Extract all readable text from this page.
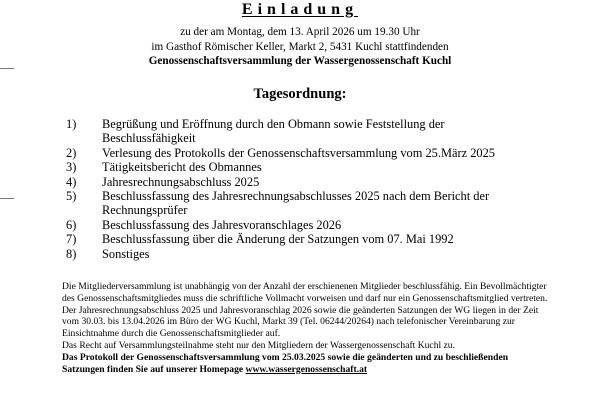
Einladung
zu der am Montag, dem 13. April 2026 um 19.30 Uhr
im Gasthof Römischer Keller, Markt 2, 5431 Kuchl stattfindenden
Genossenschaftsversammlung der Wassergenossenschaft Kuchl
Tagesordnung:
1)	Begrüßung und Eröffnung durch den Obmann sowie Feststellung der Beschlussfähigkeit
2)	Verlesung des Protokolls der Genossenschaftsversammlung vom 25.März 2025
3)	Tätigkeitsbericht des Obmannes
4)	Jahresrechnungsabschluss 2025
5)	Beschlussfassung des Jahresrechnungsabschlusses 2025 nach dem Bericht der Rechnungsprüfer
6)	Beschlussfassung des Jahresvoranschlages 2026
7)	Beschlussfassung über die Änderung der Satzungen vom 07. Mai 1992
8)	Sonstiges

Die Mitgliederversammlung ist unabhängig von der Anzahl der erschienenen Mitglieder beschlussfähig. Ein Bevollmächtigter des Genossenschaftsmitgliedes muss die schriftliche Vollmacht vorweisen und darf nur ein Genossenschaftsmitglied vertreten.

Der Jahresrechnungsabschluss 2025 und Jahresvoranschlag 2026 sowie die geänderten Satzungen der WG liegen in der Zeit vom 30.03. bis 13.04.2026 im Büro der WG Kuchl, Markt 39 (Tel. 06244/20264) nach telefonischer Vereinbarung zur Einsichtnahme durch die Genossenschaftsmitglieder auf.

Das Recht auf Versammlungsteilnahme steht nur den Mitgliedern der Wassergenossenschaft Kuchl zu.

Das Protokoll der Genossenschaftsversammlung vom 25.03.2025 sowie die geänderten und zu beschließenden Satzungen finden Sie auf unserer Homepage www.wassergenossenschaft.at
